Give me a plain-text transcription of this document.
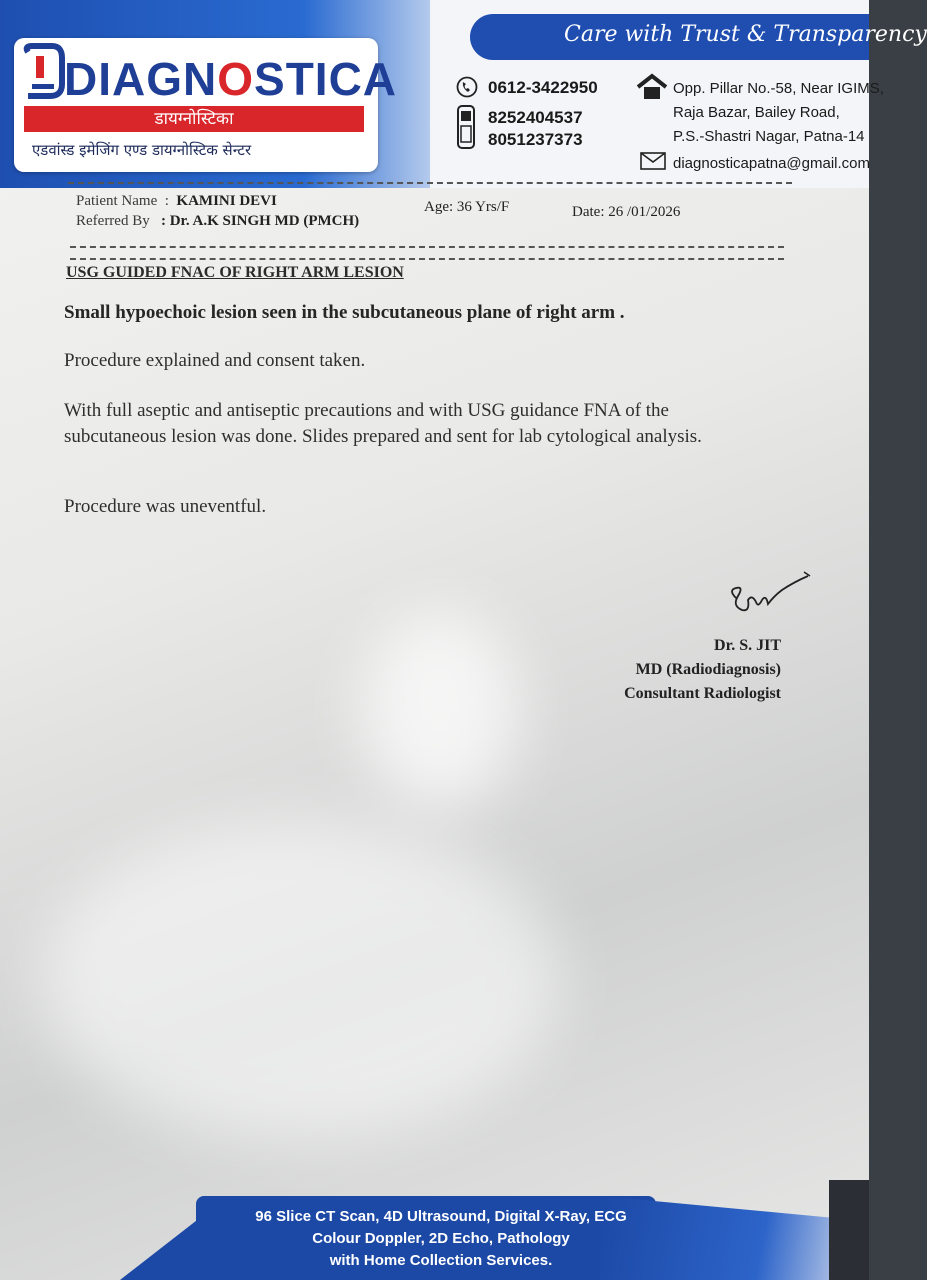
Care with Trust & Transparency
DIAGNOSTICA
डायग्नोस्टिका
एडवांस्ड इमेजिंग एण्ड डायग्नोस्टिक सेन्टर
0612-3422950
8252404537
8051237373
Opp. Pillar No.-58, Near IGIMS,
Raja Bazar, Bailey Road,
P.S.-Shastri Nagar, Patna-14
diagnosticapatna@gmail.com
Patient Name : KAMINI DEVI
Referred By : Dr. A.K SINGH MD (PMCH)
Age: 36 Yrs/F	Date: 26 /01/2026
USG GUIDED FNAC OF RIGHT ARM LESION
Small hypoechoic lesion seen in the subcutaneous plane of right arm .
Procedure explained and consent taken.
With full aseptic and antiseptic precautions and with USG guidance FNA of the subcutaneous lesion was done. Slides prepared and sent for lab cytological analysis.
Procedure was uneventful.
Dr. S. JIT
MD (Radiodiagnosis)
Consultant Radiologist
96 Slice CT Scan, 4D Ultrasound, Digital X-Ray, ECG
Colour Doppler, 2D Echo, Pathology
with Home Collection Services.
